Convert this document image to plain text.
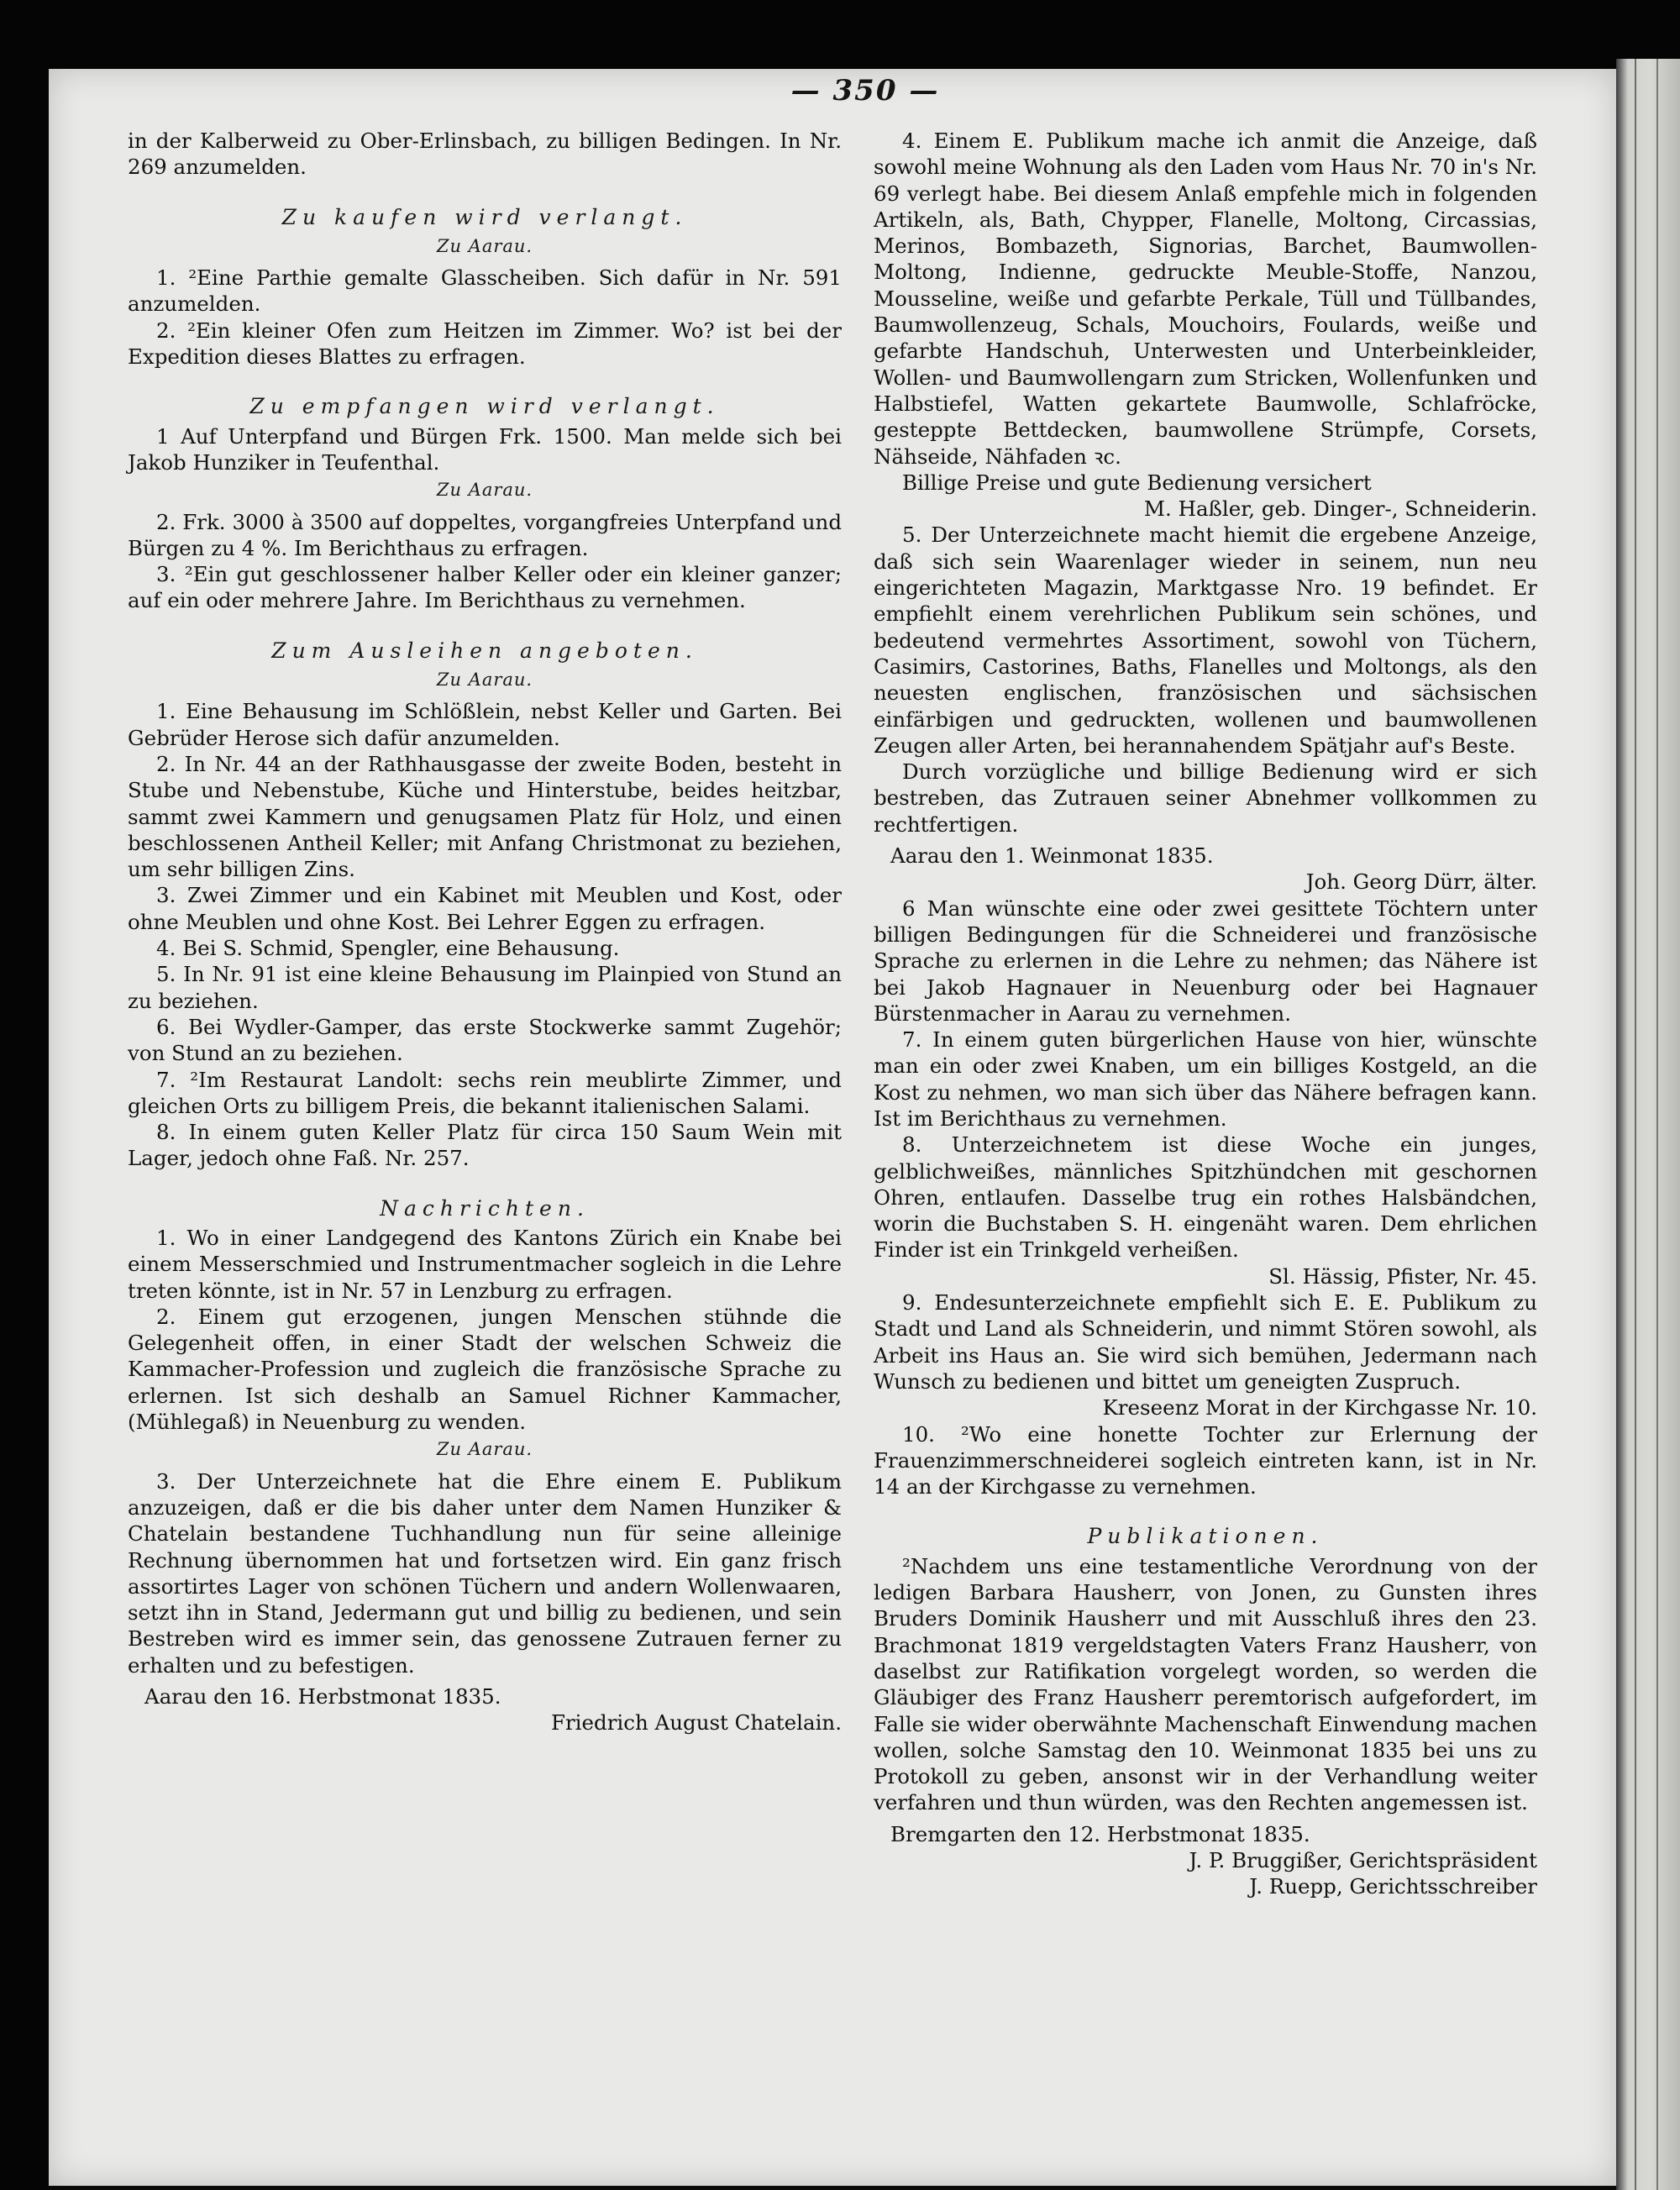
— 350 —

in der Kalberweid zu Ober-Erlinsbach, zu billigen Bedingen. In Nr. 269 anzumelden.

Zu kaufen wird verlangt.
Zu Aarau.

1. ²Eine Parthie gemalte Glasscheiben. Sich dafür in Nr. 591 anzumelden.

2. ²Ein kleiner Ofen zum Heitzen im Zimmer. Wo? ist bei der Expedition dieses Blattes zu erfragen.

Zu empfangen wird verlangt.

1 Auf Unterpfand und Bürgen Frk. 1500. Man melde sich bei Jakob Hunziker in Teufenthal.

Zu Aarau.

2. Frk. 3000 à 3500 auf doppeltes, vorgangfreies Unterpfand und Bürgen zu 4 %. Im Berichthaus zu erfragen.

3. ²Ein gut geschlossener halber Keller oder ein kleiner ganzer; auf ein oder mehrere Jahre. Im Berichthaus zu vernehmen.

Zum Ausleihen angeboten.
Zu Aarau.

1. Eine Behausung im Schlößlein, nebst Keller und Garten. Bei Gebrüder Herose sich dafür anzumelden.

2. In Nr. 44 an der Rathhausgasse der zweite Boden, besteht in Stube und Nebenstube, Küche und Hinterstube, beides heitzbar, sammt zwei Kammern und genugsamen Platz für Holz, und einen beschlossenen Antheil Keller; mit Anfang Christmonat zu beziehen, um sehr billigen Zins.

3. Zwei Zimmer und ein Kabinet mit Meublen und Kost, oder ohne Meublen und ohne Kost. Bei Lehrer Eggen zu erfragen.

4. Bei S. Schmid, Spengler, eine Behausung.

5. In Nr. 91 ist eine kleine Behausung im Plainpied von Stund an zu beziehen.

6. Bei Wydler-Gamper, das erste Stockwerke sammt Zugehör; von Stund an zu beziehen.

7. ²Im Restaurat Landolt: sechs rein meublirte Zimmer, und gleichen Orts zu billigem Preis, die bekannt italienischen Salami.

8. In einem guten Keller Platz für circa 150 Saum Wein mit Lager, jedoch ohne Faß. Nr. 257.

Nachrichten.

1. Wo in einer Landgegend des Kantons Zürich ein Knabe bei einem Messerschmied und Instrumentmacher sogleich in die Lehre treten könnte, ist in Nr. 57 in Lenzburg zu erfragen.

2. Einem gut erzogenen, jungen Menschen stühnde die Gelegenheit offen, in einer Stadt der welschen Schweiz die Kammacher-Profession und zugleich die französische Sprache zu erlernen. Ist sich deshalb an Samuel Richner Kammacher, (Mühlegaß) in Neuenburg zu wenden.

Zu Aarau.

3. Der Unterzeichnete hat die Ehre einem E. Publikum anzuzeigen, daß er die bis daher unter dem Namen Hunziker & Chatelain bestandene Tuchhandlung nun für seine alleinige Rechnung übernommen hat und fortsetzen wird. Ein ganz frisch assortirtes Lager von schönen Tüchern und andern Wollenwaaren, setzt ihn in Stand, Jedermann gut und billig zu bedienen, und sein Bestreben wird es immer sein, das genossene Zutrauen ferner zu erhalten und zu befestigen.

Aarau den 16. Herbstmonat 1835.

Friedrich August Chatelain.

4. Einem E. Publikum mache ich anmit die Anzeige, daß sowohl meine Wohnung als den Laden vom Haus Nr. 70 in's Nr. 69 verlegt habe. Bei diesem Anlaß empfehle mich in folgenden Artikeln, als, Bath, Chypper, Flanelle, Moltong, Circassias, Merinos, Bombazeth, Signorias, Barchet, Baumwollen-Moltong, Indienne, gedruckte Meuble-Stoffe, Nanzou, Mousseline, weiße und gefarbte Perkale, Tüll und Tüllbandes, Baumwollenzeug, Schals, Mouchoirs, Foulards, weiße und gefarbte Handschuh, Unterwesten und Unterbeinkleider, Wollen- und Baumwollengarn zum Stricken, Wollenfunken und Halbstiefel, Watten gekartete Baumwolle, Schlafröcke, gesteppte Bettdecken, baumwollene Strümpfe, Corsets, Nähseide, Nähfaden ꝛc.

Billige Preise und gute Bedienung versichert

M. Haßler, geb. Dinger-, Schneiderin.

5. Der Unterzeichnete macht hiemit die ergebene Anzeige, daß sich sein Waarenlager wieder in seinem, nun neu eingerichteten Magazin, Marktgasse Nro. 19 befindet. Er empfiehlt einem verehrlichen Publikum sein schönes, und bedeutend vermehrtes Assortiment, sowohl von Tüchern, Casimirs, Castorines, Baths, Flanelles und Moltongs, als den neuesten englischen, französischen und sächsischen einfärbigen und gedruckten, wollenen und baumwollenen Zeugen aller Arten, bei herannahendem Spätjahr auf's Beste.

Durch vorzügliche und billige Bedienung wird er sich bestreben, das Zutrauen seiner Abnehmer vollkommen zu rechtfertigen.

Aarau den 1. Weinmonat 1835.

Joh. Georg Dürr, älter.

6 Man wünschte eine oder zwei gesittete Töchtern unter billigen Bedingungen für die Schneiderei und französische Sprache zu erlernen in die Lehre zu nehmen; das Nähere ist bei Jakob Hagnauer in Neuenburg oder bei Hagnauer Bürstenmacher in Aarau zu vernehmen.

7. In einem guten bürgerlichen Hause von hier, wünschte man ein oder zwei Knaben, um ein billiges Kostgeld, an die Kost zu nehmen, wo man sich über das Nähere befragen kann. Ist im Berichthaus zu vernehmen.

8. Unterzeichnetem ist diese Woche ein junges, gelblichweißes, männliches Spitzhündchen mit geschornen Ohren, entlaufen. Dasselbe trug ein rothes Halsbändchen, worin die Buchstaben S. H. eingenäht waren. Dem ehrlichen Finder ist ein Trinkgeld verheißen.

Sl. Hässig, Pfister, Nr. 45.

9. Endesunterzeichnete empfiehlt sich E. E. Publikum zu Stadt und Land als Schneiderin, und nimmt Stören sowohl, als Arbeit ins Haus an. Sie wird sich bemühen, Jedermann nach Wunsch zu bedienen und bittet um geneigten Zuspruch.

Kreseenz Morat in der Kirchgasse Nr. 10.

10. ²Wo eine honette Tochter zur Erlernung der Frauenzimmerschneiderei sogleich eintreten kann, ist in Nr. 14 an der Kirchgasse zu vernehmen.

Publikationen.

²Nachdem uns eine testamentliche Verordnung von der ledigen Barbara Hausherr, von Jonen, zu Gunsten ihres Bruders Dominik Hausherr und mit Ausschluß ihres den 23. Brachmonat 1819 vergeldstagten Vaters Franz Hausherr, von daselbst zur Ratifikation vorgelegt worden, so werden die Gläubiger des Franz Hausherr peremtorisch aufgefordert, im Falle sie wider oberwähnte Machenschaft Einwendung machen wollen, solche Samstag den 10. Weinmonat 1835 bei uns zu Protokoll zu geben, ansonst wir in der Verhandlung weiter verfahren und thun würden, was den Rechten angemessen ist.

Bremgarten den 12. Herbstmonat 1835.

J. P. Bruggißer, Gerichtspräsident

J. Ruepp, Gerichtsschreiber
